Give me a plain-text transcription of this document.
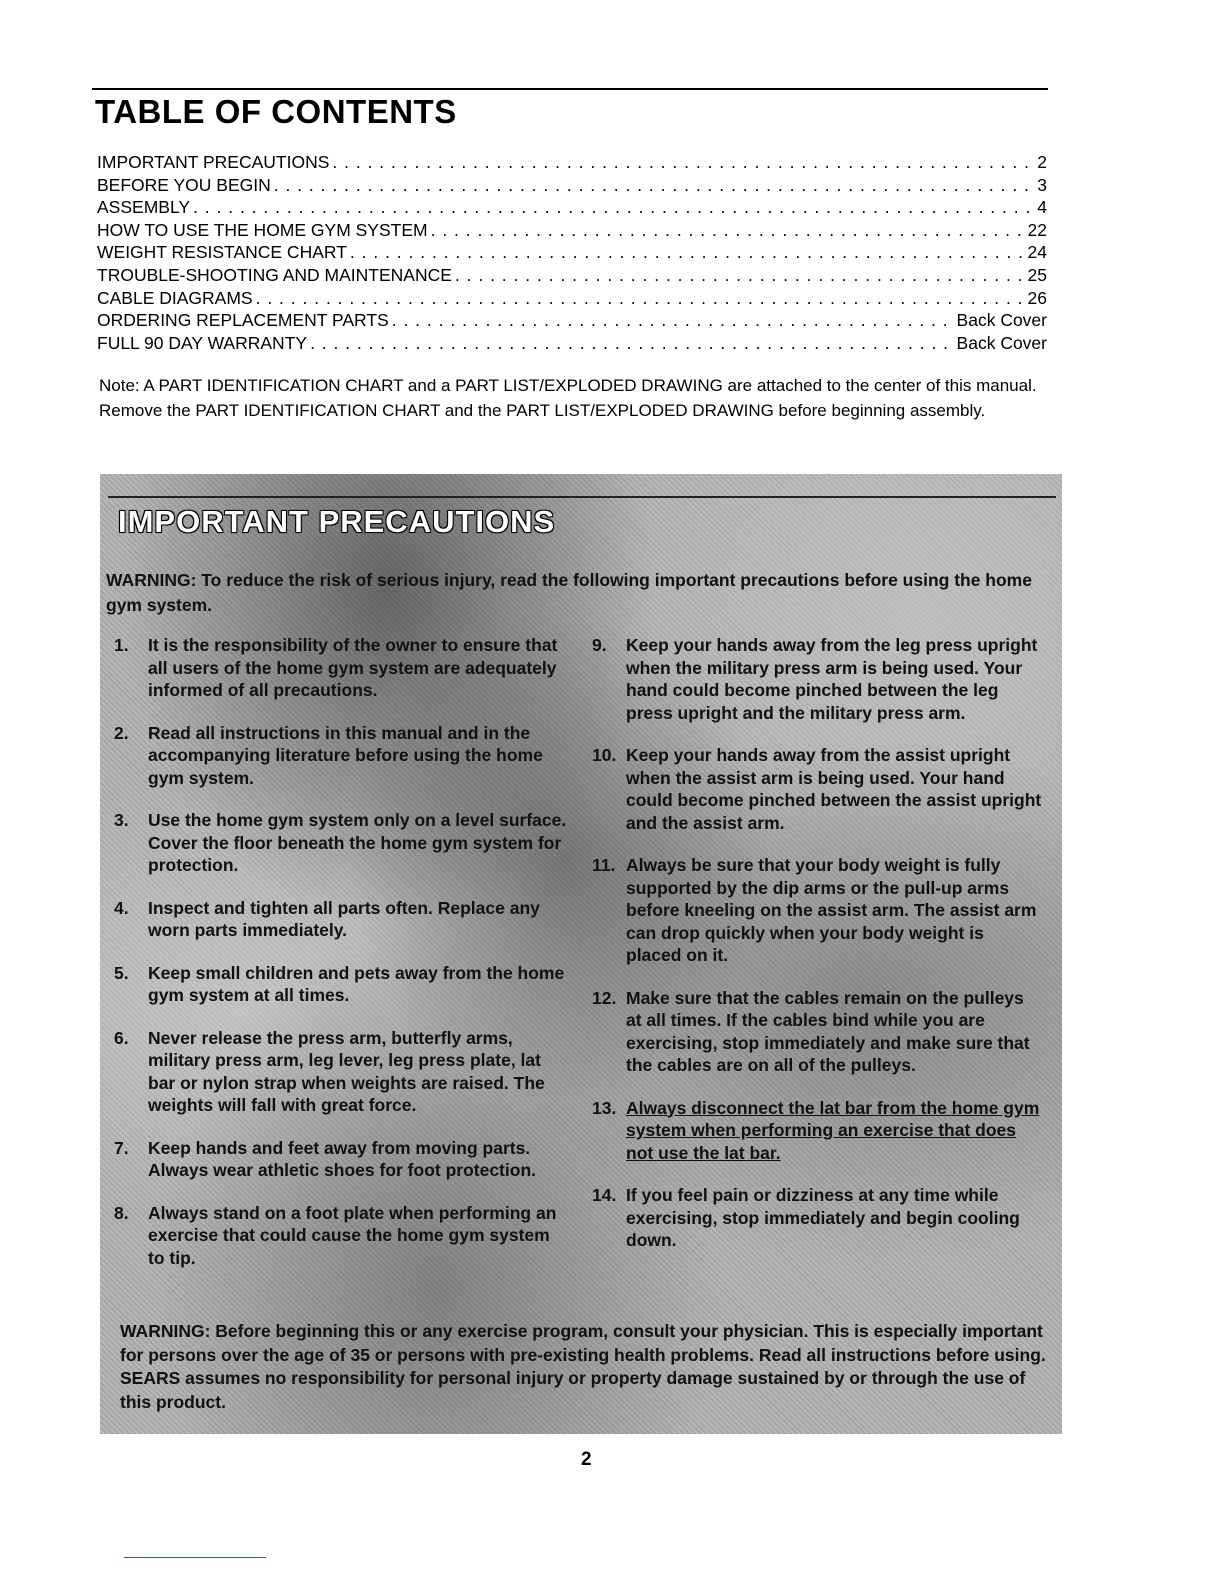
TABLE OF CONTENTS
IMPORTANT PRECAUTIONS . . .	2
BEFORE YOU BEGIN . . .	3
ASSEMBLY . . .	4
HOW TO USE THE HOME GYM SYSTEM . . .	22
WEIGHT RESISTANCE CHART . . .	24
TROUBLE-SHOOTING AND MAINTENANCE . . .	25
CABLE DIAGRAMS . . .	26
ORDERING REPLACEMENT PARTS . . .	Back Cover
FULL 90 DAY WARRANTY . . .	Back Cover
Note: A PART IDENTIFICATION CHART and a PART LIST/EXPLODED DRAWING are attached to the center of this manual. Remove the PART IDENTIFICATION CHART and the PART LIST/EXPLODED DRAWING before beginning assembly.
IMPORTANT PRECAUTIONS
WARNING: To reduce the risk of serious injury, read the following important precautions before using the home gym system.
1.	It is the responsibility of the owner to ensure that all users of the home gym system are adequately informed of all precautions.
2.	Read all instructions in this manual and in the accompanying literature before using the home gym system.
3.	Use the home gym system only on a level surface. Cover the floor beneath the home gym system for protection.
4.	Inspect and tighten all parts often. Replace any worn parts immediately.
5.	Keep small children and pets away from the home gym system at all times.
6.	Never release the press arm, butterfly arms, military press arm, leg lever, leg press plate, lat bar or nylon strap when weights are raised. The weights will fall with great force.
7.	Keep hands and feet away from moving parts. Always wear athletic shoes for foot protection.
8.	Always stand on a foot plate when performing an exercise that could cause the home gym system to tip.
9.	Keep your hands away from the leg press upright when the military press arm is being used. Your hand could become pinched between the leg press upright and the military press arm.
10. Keep your hands away from the assist upright when the assist arm is being used. Your hand could become pinched between the assist upright and the assist arm.
11. Always be sure that your body weight is fully supported by the dip arms or the pull-up arms before kneeling on the assist arm. The assist arm can drop quickly when your body weight is placed on it.
12. Make sure that the cables remain on the pulleys at all times. If the cables bind while you are exercising, stop immediately and make sure that the cables are on all of the pulleys.
13. Always disconnect the lat bar from the home gym system when performing an exercise that does not use the lat bar.
14. If you feel pain or dizziness at any time while exercising, stop immediately and begin cooling down.
WARNING: Before beginning this or any exercise program, consult your physician. This is especially important for persons over the age of 35 or persons with pre-existing health problems. Read all instructions before using. SEARS assumes no responsibility for personal injury or property damage sustained by or through the use of this product.
2
